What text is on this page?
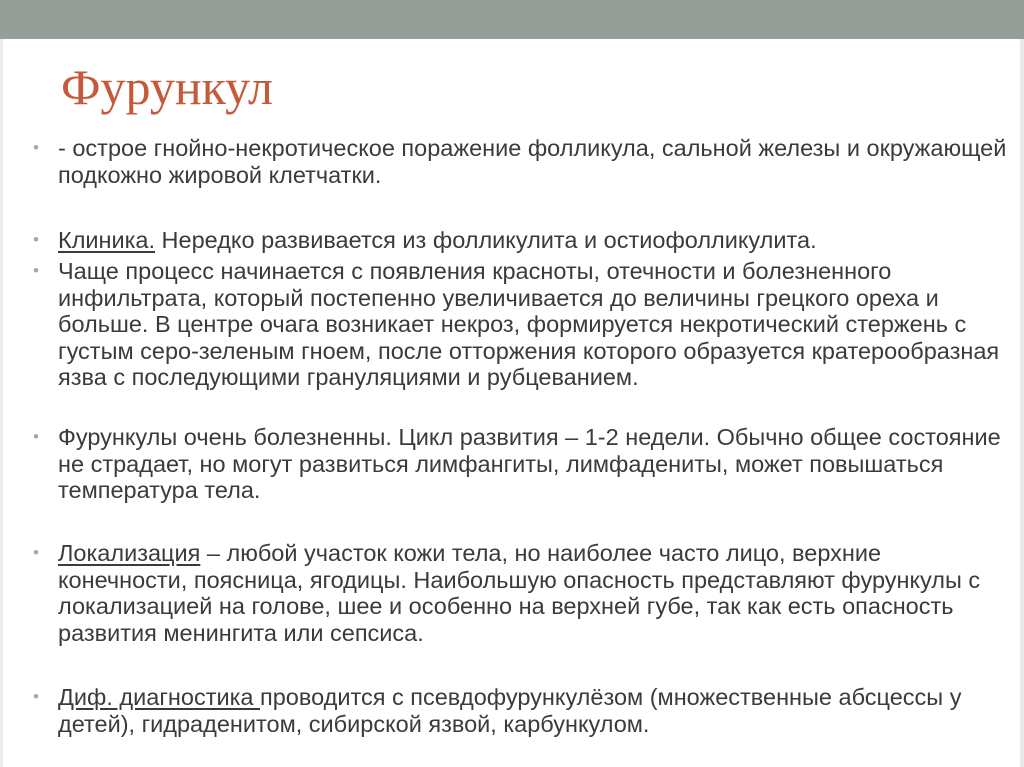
Фурункул

• - острое гнойно-некротическое поражение фолликула, сальной железы и окружающей подкожно жировой клетчатки.

• Клиника. Нередко развивается из фолликулита и остиофолликулита.

• Чаще процесс начинается с появления красноты, отечности и болезненного инфильтрата, который постепенно увеличивается до величины грецкого ореха и больше. В центре очага возникает некроз, формируется некротический стержень с густым серо-зеленым гноем, после отторжения которого образуется кратерообразная язва с последующими грануляциями и рубцеванием.

• Фурункулы очень болезненны. Цикл развития – 1-2 недели. Обычно общее состояние не страдает, но могут развиться лимфангиты, лимфадениты, может повышаться температура тела.

• Локализация – любой участок кожи тела, но наиболее часто лицо, верхние конечности, поясница, ягодицы. Наибольшую опасность представляют фурункулы с локализацией на голове, шее и особенно на верхней губе, так как есть опасность развития менингита или сепсиса.

• Диф. диагностика проводится с псевдофурункулёзом (множественные абсцессы у детей), гидраденитом, сибирской язвой, карбункулом.
